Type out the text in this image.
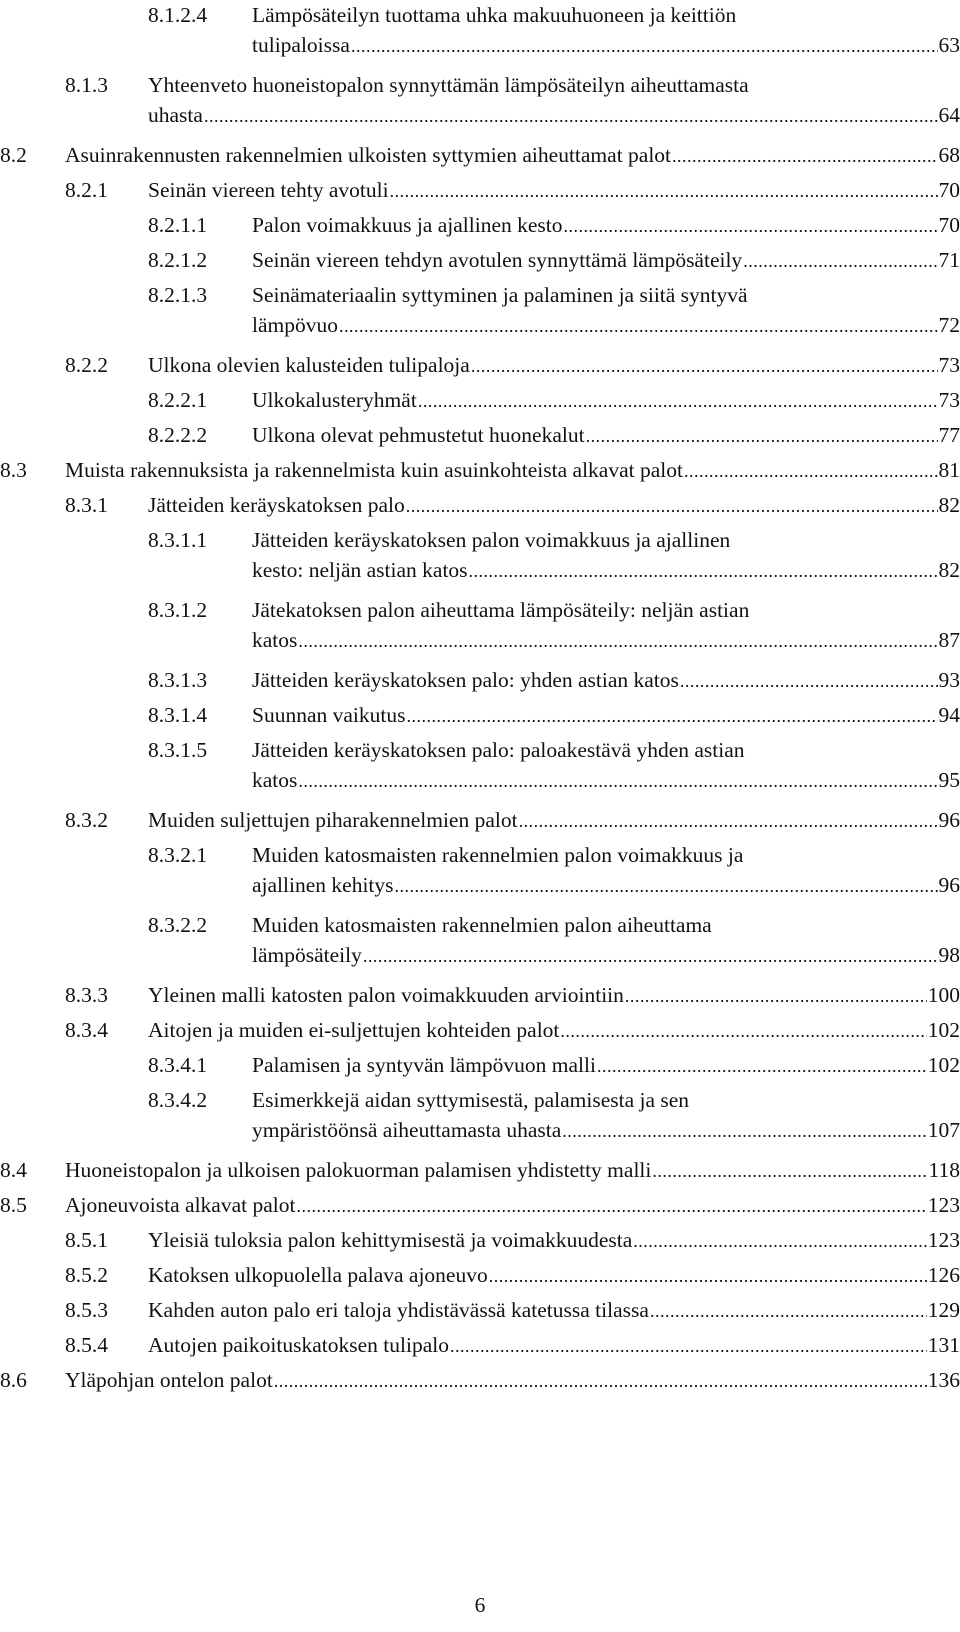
8.1.2.4 Lämpösäteilyn tuottama uhka makuuhuoneen ja keittiön
tulipaloissa .....	63
8.1.3 Yhteenveto huoneistopalon synnyttämän lämpösäteilyn aiheuttamasta
uhasta .....	64
8.2 Asuinrakennusten rakennelmien ulkoisten syttymien aiheuttamat palot .....	68
8.2.1 Seinän viereen tehty avotuli .....	70
8.2.1.1 Palon voimakkuus ja ajallinen kesto .....	70
8.2.1.2 Seinän viereen tehdyn avotulen synnyttämä lämpösäteily .....	71
8.2.1.3 Seinämateriaalin syttyminen ja palaminen ja siitä syntyvä
lämpövuo .....	72
8.2.2 Ulkona olevien kalusteiden tulipaloja .....	73
8.2.2.1 Ulkokalusteryhmät .....	73
8.2.2.2 Ulkona olevat pehmustetut huonekalut .....	77
8.3 Muista rakennuksista ja rakennelmista kuin asuinkohteista alkavat palot .....	81
8.3.1 Jätteiden keräyskatoksen palo .....	82
8.3.1.1 Jätteiden keräyskatoksen palon voimakkuus ja ajallinen
kesto: neljän astian katos .....	82
8.3.1.2 Jätekatoksen palon aiheuttama lämpösäteily: neljän astian
katos .....	87
8.3.1.3 Jätteiden keräyskatoksen palo: yhden astian katos .....	93
8.3.1.4 Suunnan vaikutus .....	94
8.3.1.5 Jätteiden keräyskatoksen palo: paloakestävä yhden astian
katos .....	95
8.3.2 Muiden suljettujen piharakennelmien palot .....	96
8.3.2.1 Muiden katosmaisten rakennelmien palon voimakkuus ja
ajallinen kehitys .....	96
8.3.2.2 Muiden katosmaisten rakennelmien palon aiheuttama
lämpösäteily .....	98
8.3.3 Yleinen malli katosten palon voimakkuuden arviointiin .....	100
8.3.4 Aitojen ja muiden ei-suljettujen kohteiden palot .....	102
8.3.4.1 Palamisen ja syntyvän lämpövuon malli .....	102
8.3.4.2 Esimerkkejä aidan syttymisestä, palamisesta ja sen
ympäristöönsä aiheuttamasta uhasta .....	107
8.4 Huoneistopalon ja ulkoisen palokuorman palamisen yhdistetty malli .....	118
8.5 Ajoneuvoista alkavat palot .....	123
8.5.1 Yleisiä tuloksia palon kehittymisestä ja voimakkuudesta .....	123
8.5.2 Katoksen ulkopuolella palava ajoneuvo .....	126
8.5.3 Kahden auton palo eri taloja yhdistävässä katetussa tilassa .....	129
8.5.4 Autojen paikoituskatoksen tulipalo .....	131
8.6 Yläpohjan ontelon palot .....	136
6
